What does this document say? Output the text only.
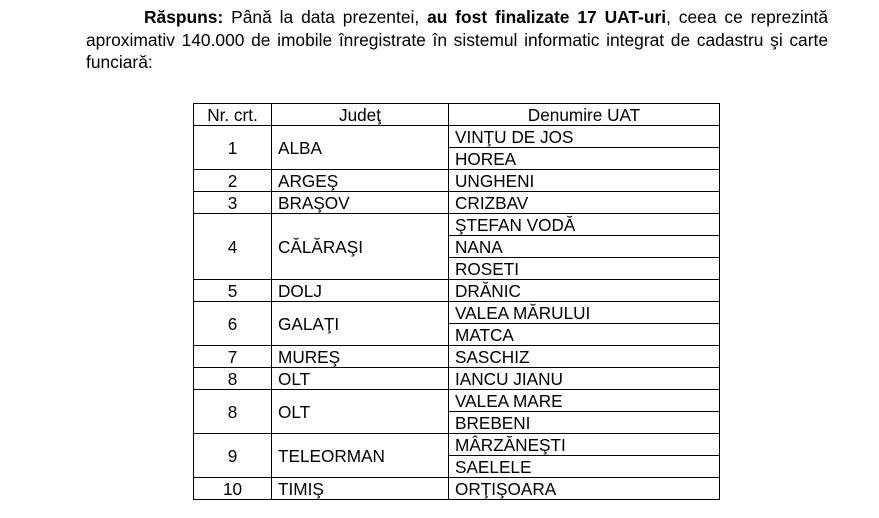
Răspuns: Până la data prezentei, au fost finalizate 17 UAT-uri, ceea ce reprezintă aproximativ 140.000 de imobile înregistrate în sistemul informatic integrat de cadastru şi carte funciară:
Nr. crt.	Judeţ	Denumire UAT
1	ALBA	VINŢU DE JOS
		HOREA
2	ARGEŞ	UNGHENI
3	BRAŞOV	CRIZBAV
4	CĂLĂRAŞI	ŞTEFAN VODĂ
		NANA
		ROSETI
5	DOLJ	DRĂNIC
6	GALAŢI	VALEA MĂRULUI
		MATCA
7	MUREŞ	SASCHIZ
8	OLT	IANCU JIANU
8	OLT	VALEA MARE
		BREBENI
9	TELEORMAN	MÂRZĂNEŞTI
		SAELELE
10	TIMIŞ	ORŢIŞOARA
